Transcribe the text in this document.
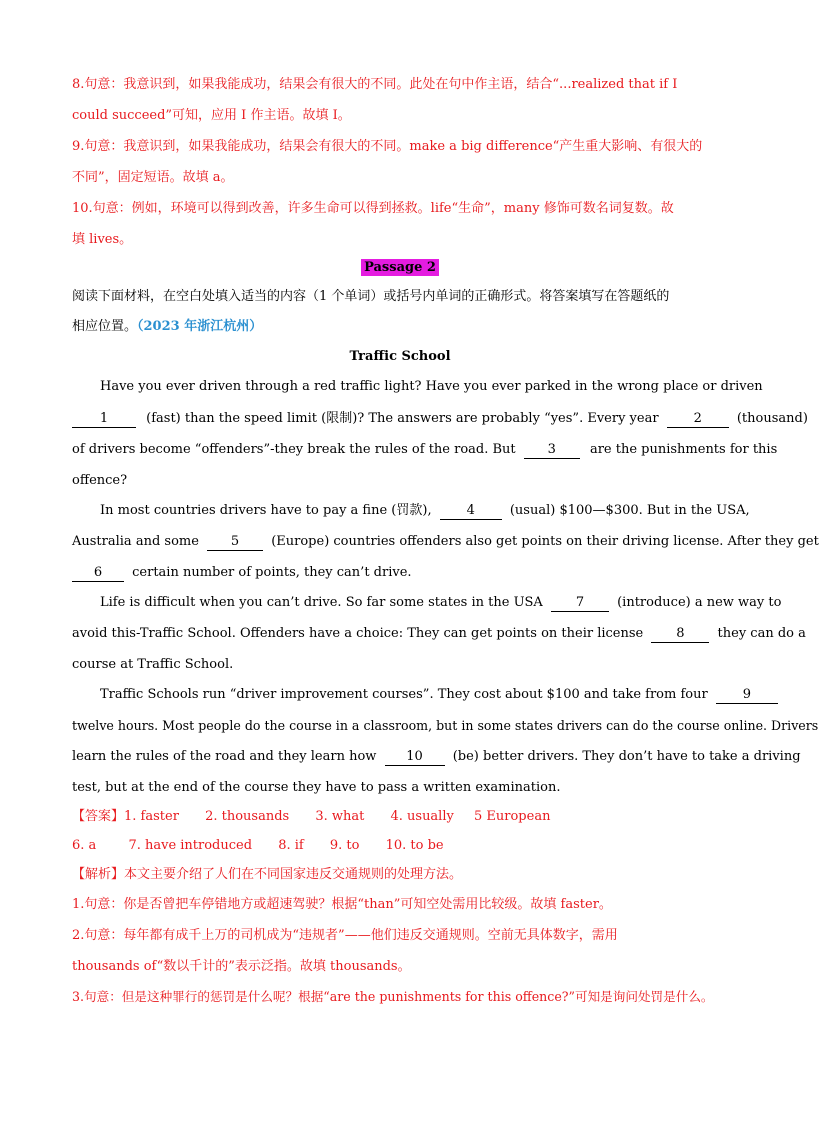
8.句意：我意识到，如果我能成功，结果会有很大的不同。此处在句中作主语，结合“...realized that if I
could succeed”可知，应用 I 作主语。故填 I。
9.句意：我意识到，如果我能成功，结果会有很大的不同。make a big difference“产生重大影响、有很大的
不同”，固定短语。故填 a。
10.句意：例如，环境可以得到改善，许多生命可以得到拯救。life“生命”，many 修饰可数名词复数。故
填 lives。
Passage 2
阅读下面材料，在空白处填入适当的内容（1 个单词）或括号内单词的正确形式。将答案填写在答题纸的
相应位置。（2023 年浙江杭州）
Traffic School
Have you ever driven through a red traffic light? Have you ever parked in the wrong place or driven
1	(fast) than the speed limit (限制)? The answers are probably “yes”. Every year	2	(thousand)
of drivers become “offenders”-they break the rules of the road. But 3	are the punishments for this
offence?
In most countries drivers have to pay a fine (罚款),	4	(usual) $100—$300. But in the USA,
Australia and some 5 (Europe) countries offenders also get points on their driving license. After they get
6 certain number of points, they can’t drive.
Life is difficult when you can’t drive. So far some states in the USA	7	(introduce) a new way to
avoid this-Traffic School. Offenders have a choice: They can get points on their license	8	they can do a
course at Traffic School.
Traffic Schools run “driver improvement courses”. They cost about $100 and take from four	9
twelve hours. Most people do the course in a classroom, but in some states drivers can do the course online. Drivers
learn the rules of the road and they learn how 10 (be) better drivers. They don’t have to take a driving
test, but at the end of the course they have to pass a written examination.
【答案】1. faster 2. thousands 3. what 4. usually 5 European
6. a 7. have introduced 8. if 9. to 10. to be
【解析】本文主要介绍了人们在不同国家违反交通规则的处理方法。
1.句意：你是否曾把车停错地方或超速驾驶？根据“than”可知空处需用比较级。故填 faster。
2.句意：每年都有成千上万的司机成为“违规者”——他们违反交通规则。空前无具体数字，需用
thousands of“数以千计的”表示泛指。故填 thousands。
3.句意：但是这种罪行的惩罚是什么呢？根据“are the punishments for this offence?”可知是询问处罚是什么。
